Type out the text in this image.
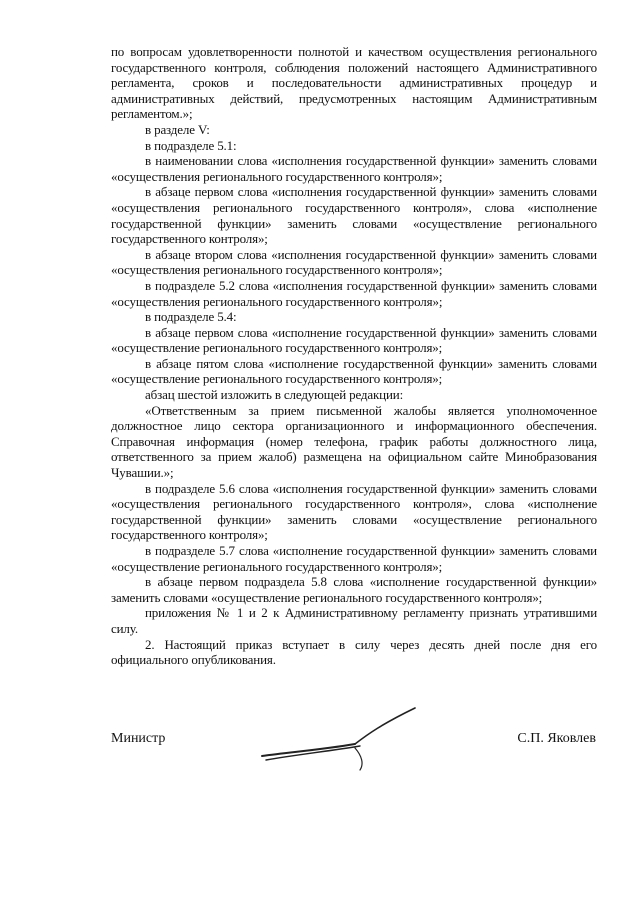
по вопросам удовлетворенности полнотой и качеством осуществления регионального государственного контроля, соблюдения положений настоящего Административного регламента, сроков и последовательности административных процедур и административных действий, предусмотренных настоящим Административным регламентом.»;

в разделе V:

в подразделе 5.1:

в наименовании слова «исполнения государственной функции» заменить словами «осуществления регионального государственного контроля»;

в абзаце первом слова «исполнения государственной функции» заменить словами «осуществления регионального государственного контроля», слова «исполнение государственной функции» заменить словами «осуществление регионального государственного контроля»;

в абзаце втором слова «исполнения государственной функции» заменить словами «осуществления регионального государственного контроля»;

в подразделе 5.2 слова «исполнения государственной функции» заменить словами «осуществления регионального государственного контроля»;

в подразделе 5.4:

в абзаце первом слова «исполнение государственной функции» заменить словами «осуществление регионального государственного контроля»;

в абзаце пятом слова «исполнение государственной функции» заменить словами «осуществление регионального государственного контроля»;

абзац шестой изложить в следующей редакции:

«Ответственным за прием письменной жалобы является уполномоченное должностное лицо сектора организационного и информационного обеспечения. Справочная информация (номер телефона, график работы должностного лица, ответственного за прием жалоб) размещена на официальном сайте Минобразования Чувашии.»;

в подразделе 5.6 слова «исполнения государственной функции» заменить словами «осуществления регионального государственного контроля», слова «исполнение государственной функции» заменить словами «осуществление регионального государственного контроля»;

в подразделе 5.7 слова «исполнение государственной функции» заменить словами «осуществление регионального государственного контроля»;

в абзаце первом подраздела 5.8 слова «исполнение государственной функции» заменить словами «осуществление регионального государственного контроля»;

приложения № 1 и 2 к Административному регламенту признать утратившими силу.

2. Настоящий приказ вступает в силу через десять дней после дня его официального опубликования.

Министр	С.П. Яковлев
